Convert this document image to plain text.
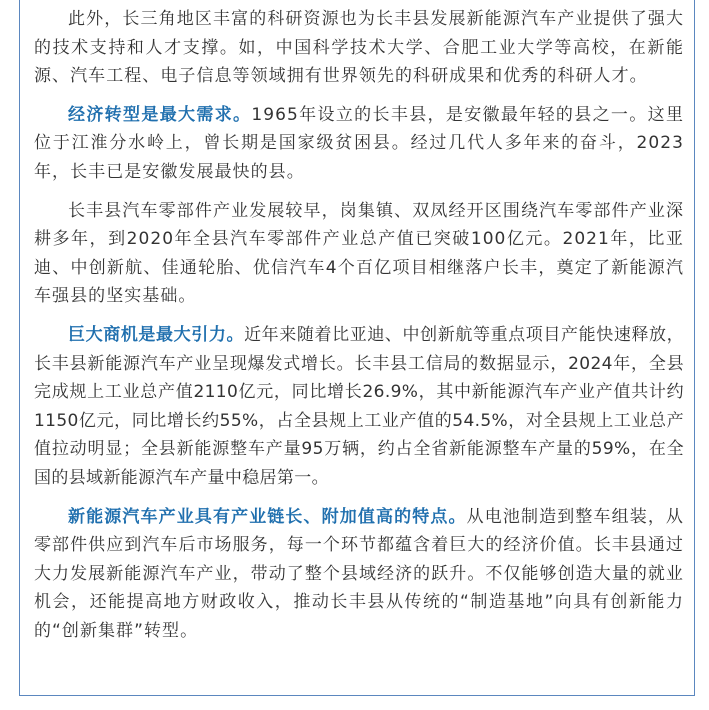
此外，长三角地区丰富的科研资源也为长丰县发展新能源汽车产业提供了强大的技术支持和人才支撑。如，中国科学技术大学、合肥工业大学等高校，在新能源、汽车工程、电子信息等领域拥有世界领先的科研成果和优秀的科研人才。

经济转型是最大需求。1965年设立的长丰县，是安徽最年轻的县之一。这里位于江淮分水岭上，曾长期是国家级贫困县。经过几代人多年来的奋斗，2023年，长丰已是安徽发展最快的县。

长丰县汽车零部件产业发展较早，岗集镇、双凤经开区围绕汽车零部件产业深耕多年，到2020年全县汽车零部件产业总产值已突破100亿元。2021年，比亚迪、中创新航、佳通轮胎、优信汽车4个百亿项目相继落户长丰，奠定了新能源汽车强县的坚实基础。

巨大商机是最大引力。近年来随着比亚迪、中创新航等重点项目产能快速释放，长丰县新能源汽车产业呈现爆发式增长。长丰县工信局的数据显示，2024年，全县完成规上工业总产值2110亿元，同比增长26.9%，其中新能源汽车产业产值共计约1150亿元，同比增长约55%，占全县规上工业产值的54.5%，对全县规上工业总产值拉动明显；全县新能源整车产量95万辆，约占全省新能源整车产量的59%，在全国的县域新能源汽车产量中稳居第一。

新能源汽车产业具有产业链长、附加值高的特点。从电池制造到整车组装，从零部件供应到汽车后市场服务，每一个环节都蕴含着巨大的经济价值。长丰县通过大力发展新能源汽车产业，带动了整个县域经济的跃升。不仅能够创造大量的就业机会，还能提高地方财政收入，推动长丰县从传统的“制造基地”向具有创新能力的“创新集群”转型。
